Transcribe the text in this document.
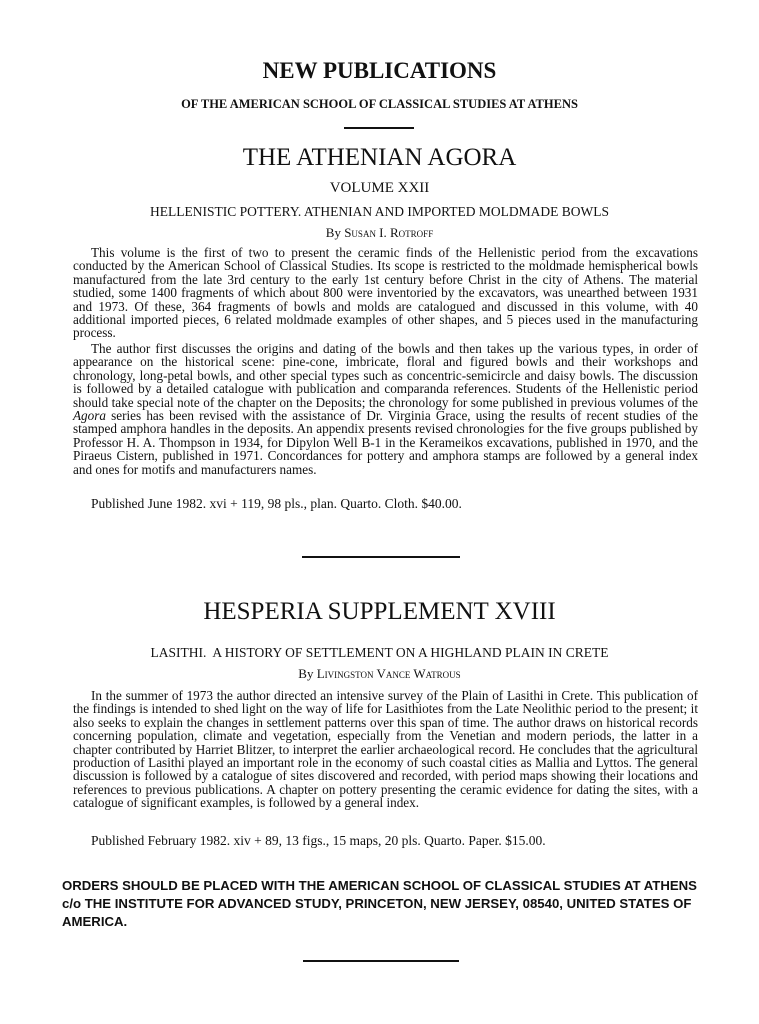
NEW PUBLICATIONS
OF THE AMERICAN SCHOOL OF CLASSICAL STUDIES AT ATHENS
THE ATHENIAN AGORA
VOLUME XXII
HELLENISTIC POTTERY. ATHENIAN AND IMPORTED MOLDMADE BOWLS
By Susan I. Rotroff

This volume is the first of two to present the ceramic finds of the Hellenistic period from the excavations conducted by the American School of Classical Studies. Its scope is restricted to the moldmade hemispherical bowls manufactured from the late 3rd century to the early 1st century before Christ in the city of Athens. The material studied, some 1400 fragments of which about 800 were inventoried by the excavators, was unearthed between 1931 and 1973. Of these, 364 fragments of bowls and molds are catalogued and discussed in this volume, with 40 additional imported pieces, 6 related moldmade examples of other shapes, and 5 pieces used in the manufacturing process.

The author first discusses the origins and dating of the bowls and then takes up the various types, in order of appearance on the historical scene: pine-cone, imbricate, floral and figured bowls and their workshops and chronology, long-petal bowls, and other special types such as concentric-semicircle and daisy bowls. The discussion is followed by a detailed catalogue with publication and comparanda references. Students of the Hellenistic period should take special note of the chapter on the Deposits; the chronology for some published in previous volumes of the Agora series has been revised with the assistance of Dr. Virginia Grace, using the results of recent studies of the stamped amphora handles in the deposits. An appendix presents revised chronologies for the five groups published by Professor H. A. Thompson in 1934, for Dipylon Well B-1 in the Kerameikos excavations, published in 1970, and the Piraeus Cistern, published in 1971. Concordances for pottery and amphora stamps are followed by a general index and ones for motifs and manufacturers names.

Published June 1982. xvi + 119, 98 pls., plan. Quarto. Cloth. $40.00.
HESPERIA SUPPLEMENT XVIII
LASITHI.  A HISTORY OF SETTLEMENT ON A HIGHLAND PLAIN IN CRETE
By Livingston Vance Watrous

In the summer of 1973 the author directed an intensive survey of the Plain of Lasithi in Crete. This publication of the findings is intended to shed light on the way of life for Lasithiotes from the Late Neolithic period to the present; it also seeks to explain the changes in settlement patterns over this span of time. The author draws on historical records concerning population, climate and vegetation, especially from the Venetian and modern periods, the latter in a chapter contributed by Harriet Blitzer, to interpret the earlier archaeological record. He concludes that the agricultural production of Lasithi played an important role in the economy of such coastal cities as Mallia and Lyttos. The general discussion is followed by a catalogue of sites discovered and recorded, with period maps showing their locations and references to previous publications. A chapter on pottery presenting the ceramic evidence for dating the sites, with a catalogue of significant examples, is followed by a general index.

Published February 1982. xiv + 89, 13 figs., 15 maps, 20 pls. Quarto. Paper. $15.00.

ORDERS SHOULD BE PLACED WITH THE AMERICAN SCHOOL OF CLASSICAL STUDIES AT ATHENS c/o THE INSTITUTE FOR ADVANCED STUDY, PRINCETON, NEW JERSEY, 08540, UNITED STATES OF AMERICA.
